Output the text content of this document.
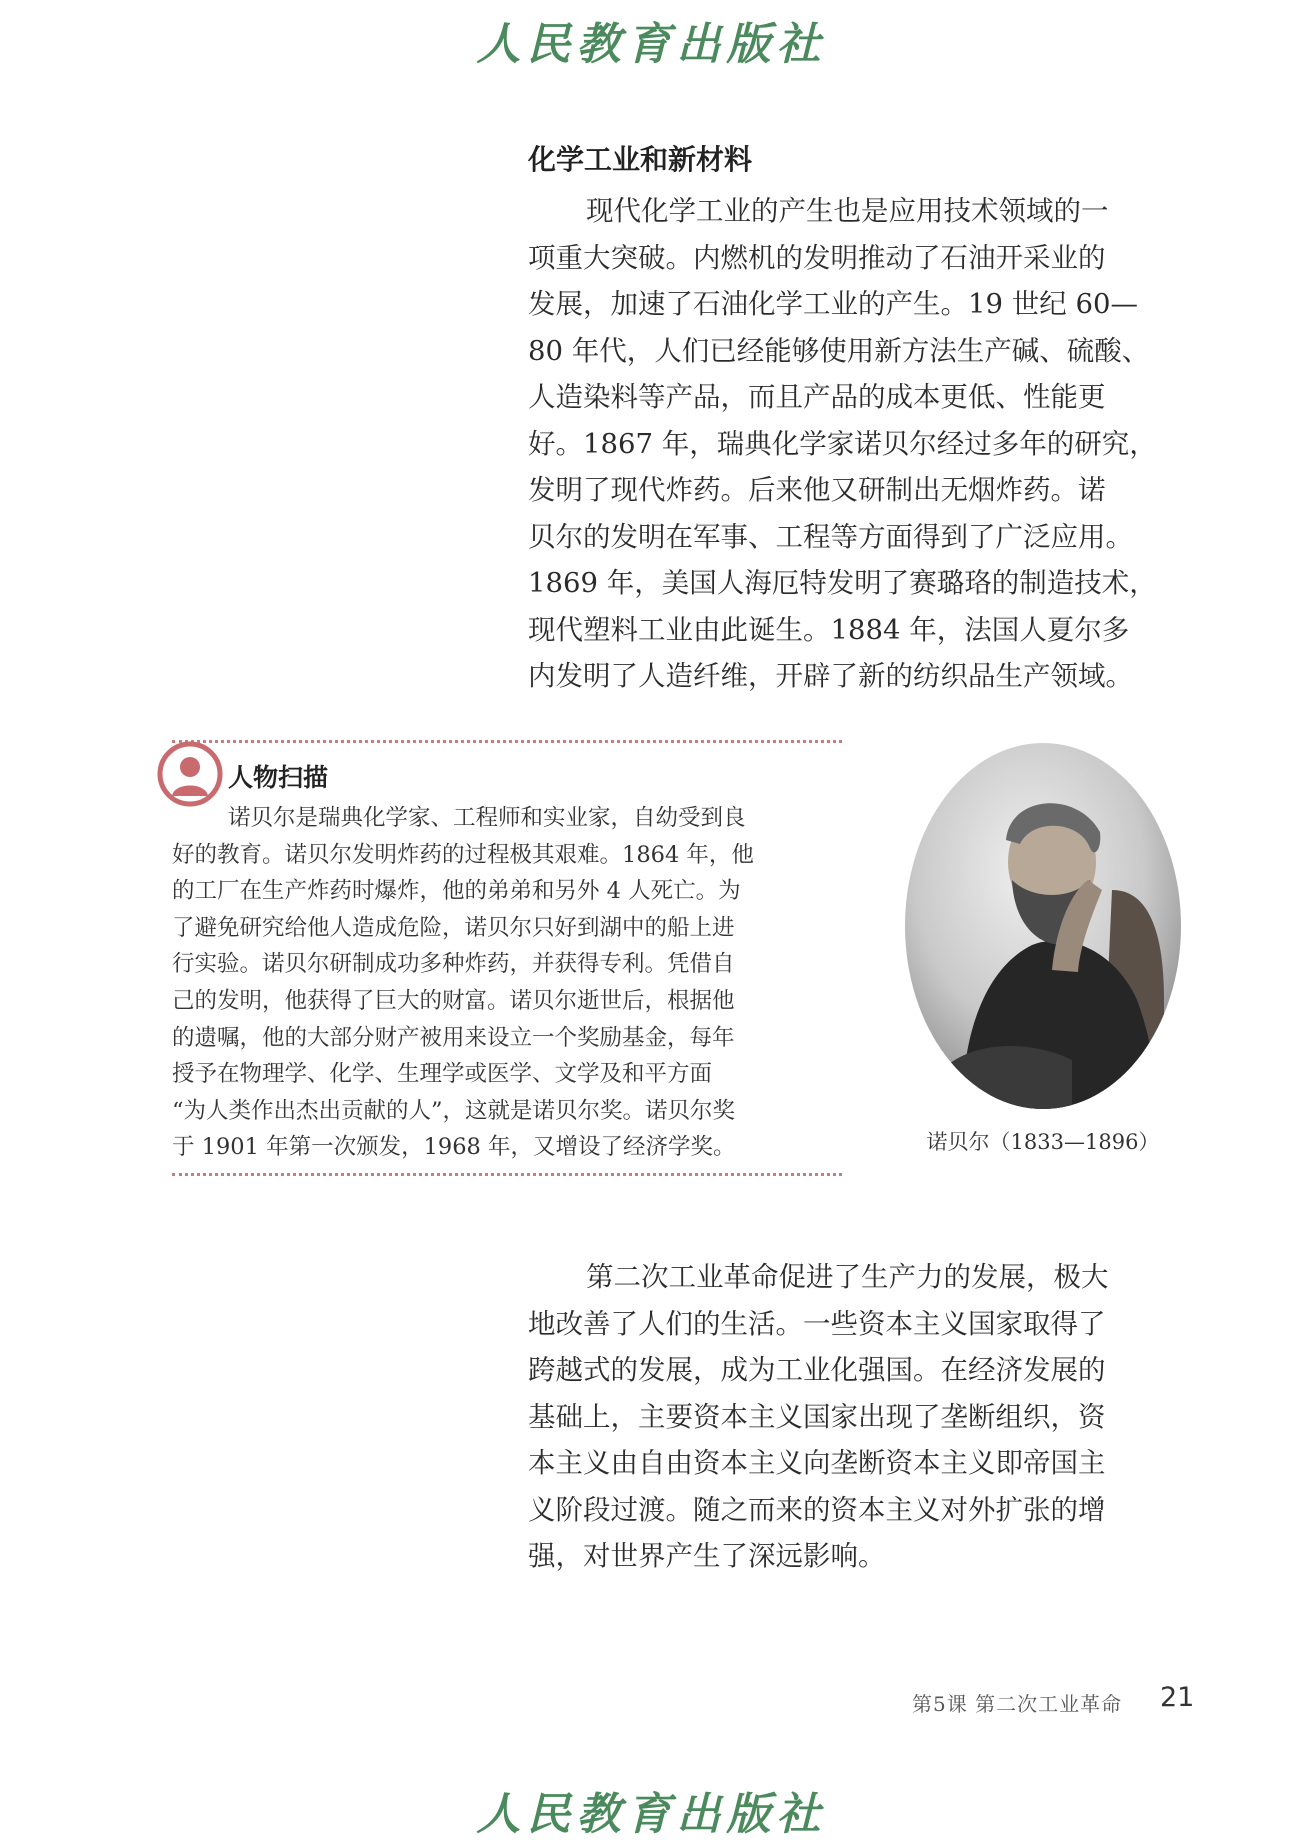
人民教育出版社
化学工业和新材料
现代化学工业的产生也是应用技术领域的一
项重大突破。内燃机的发明推动了石油开采业的
发展，加速了石油化学工业的产生。19 世纪 60—
80 年代，人们已经能够使用新方法生产碱、硫酸、
人造染料等产品，而且产品的成本更低、性能更
好。1867 年，瑞典化学家诺贝尔经过多年的研究，
发明了现代炸药。后来他又研制出无烟炸药。诺
贝尔的发明在军事、工程等方面得到了广泛应用。
1869 年，美国人海厄特发明了赛璐珞的制造技术，
现代塑料工业由此诞生。1884 年，法国人夏尔多
内发明了人造纤维，开辟了新的纺织品生产领域。
人物扫描
诺贝尔是瑞典化学家、工程师和实业家，自幼受到良
好的教育。诺贝尔发明炸药的过程极其艰难。1864 年，他
的工厂在生产炸药时爆炸，他的弟弟和另外 4 人死亡。为
了避免研究给他人造成危险，诺贝尔只好到湖中的船上进
行实验。诺贝尔研制成功多种炸药，并获得专利。凭借自
己的发明，他获得了巨大的财富。诺贝尔逝世后，根据他
的遗嘱，他的大部分财产被用来设立一个奖励基金，每年
授予在物理学、化学、生理学或医学、文学及和平方面
“为人类作出杰出贡献的人”，这就是诺贝尔奖。诺贝尔奖
于 1901 年第一次颁发，1968 年，又增设了经济学奖。	诺贝尔（1833—1896）
第二次工业革命促进了生产力的发展，极大
地改善了人们的生活。一些资本主义国家取得了
跨越式的发展，成为工业化强国。在经济发展的
基础上，主要资本主义国家出现了垄断组织，资
本主义由自由资本主义向垄断资本主义即帝国主
义阶段过渡。随之而来的资本主义对外扩张的增
强，对世界产生了深远影响。
第5课 第二次工业革命 21
人民教育出版社
